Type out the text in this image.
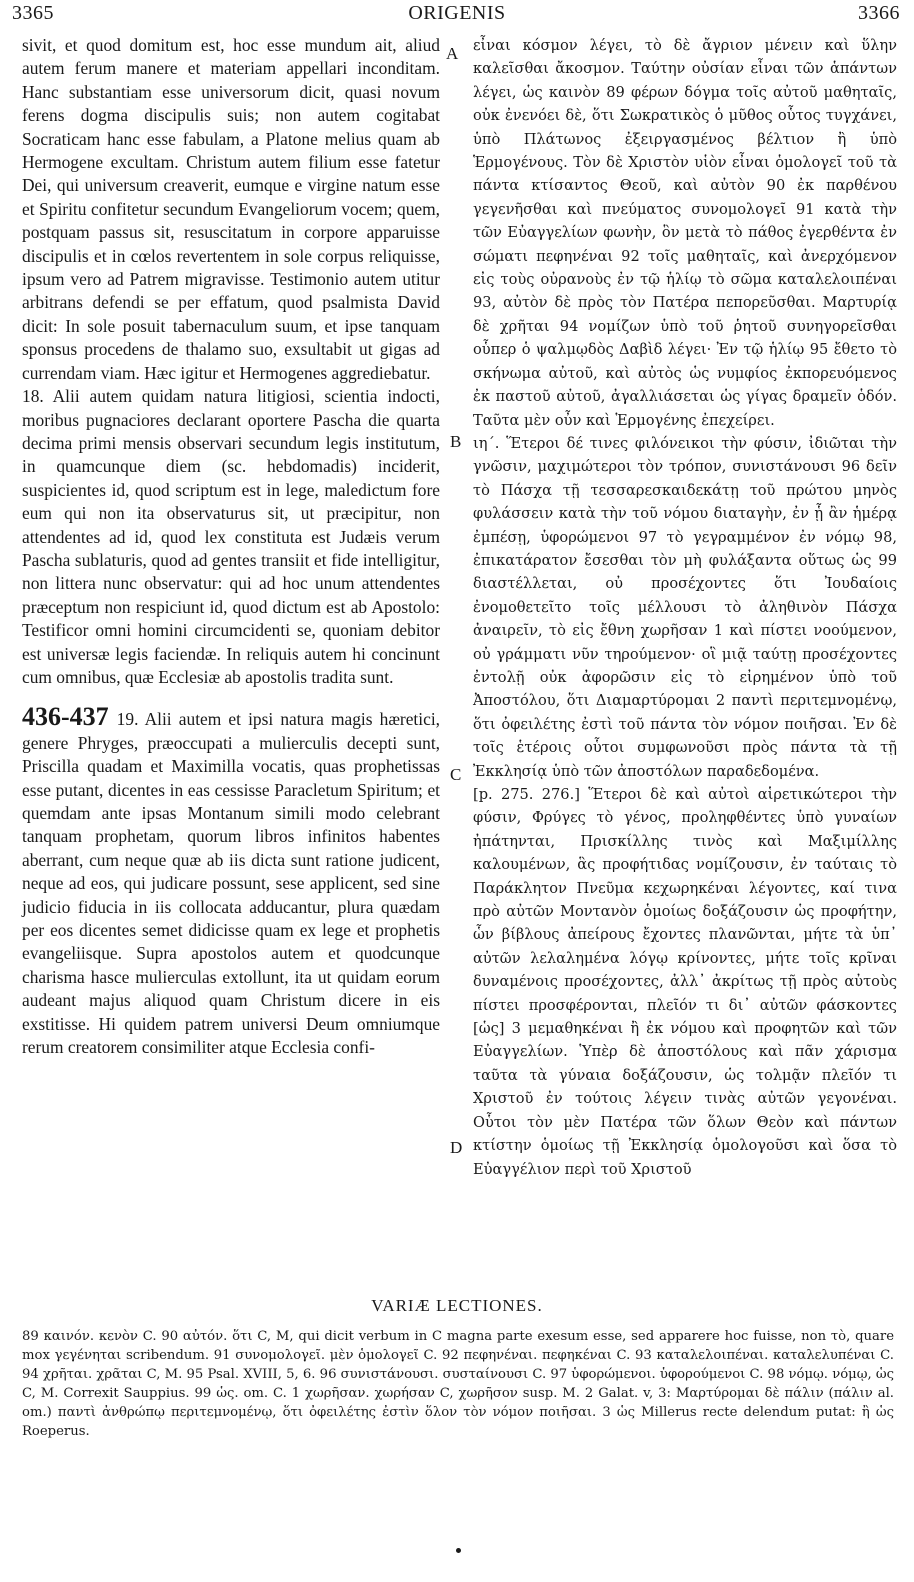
3365	ORIGENIS	3366

sivit, et quod domitum est, hoc esse mundum ait, aliud autem ferum manere et materiam appellari inconditam. Hanc substantiam esse universorum dicit, quasi novum ferens dogma discipulis suis; non autem cogitabat Socraticam hanc esse fabulam, a Platone melius quam ab Hermogene excultam. Christum autem filium esse fatetur Dei, qui universum creaverit, eumque e virgine natum esse et Spiritu confitetur secundum Evangeliorum vocem; quem, postquam passus sit, resuscitatum in corpore apparuisse discipulis et in cœlos revertentem in sole corpus reliquisse, ipsum vero ad Patrem migravisse. Testimonio autem utitur arbitrans defendi se per effatum, quod psalmista David dicit: In sole posuit tabernaculum suum, et ipse tanquam sponsus procedens de thalamo suo, exsultabit ut gigas ad currendam viam. Hæc igitur et Hermogenes aggrediebatur.

18. Alii autem quidam natura litigiosi, scientia indocti, moribus pugnaciores declarant oportere Pascha die quarta decima primi mensis observari secundum legis institutum, in quamcunque diem (sc. hebdomadis) inciderit, suspicientes id, quod scriptum est in lege, maledictum fore eum qui non ita observaturus sit, ut præcipitur, non attendentes ad id, quod lex constituta est Judæis verum Pascha sublaturis, quod ad gentes transiit et fide intelligitur, non littera nunc observatur: qui ad hoc unum attendentes præceptum non respiciunt id, quod dictum est ab Apostolo: Testificor omni homini circumcidenti se, quoniam debitor est universæ legis faciendæ. In reliquis autem hi concinunt cum omnibus, quæ Ecclesiæ ab apostolis tradita sunt.

436-437 19. Alii autem et ipsi natura magis hæretici, genere Phryges, præoccupati a mulierculis decepti sunt, Priscilla quadam et Maximilla vocatis, quas prophetissas esse putant, dicentes in eas cessisse Paracletum Spiritum; et quemdam ante ipsas Montanum simili modo celebrant tanquam prophetam, quorum libros infinitos habentes aberrant, cum neque quæ ab iis dicta sunt ratione judicent, neque ad eos, qui judicare possunt, sese applicent, sed sine judicio fiducia in iis collocata adducantur, plura quædam per eos dicentes semet didicisse quam ex lege et prophetis evangeliisque. Supra apostolos autem et quodcunque charisma hasce mulierculas extollunt, ita ut quidam eorum audeant majus aliquod quam Christum dicere in eis exstitisse. Hi quidem patrem universi Deum omniumque rerum creatorem consimiliter atque Ecclesia confi-

A
B
C
D

εἶναι κόσμον λέγει, τὸ δὲ ἄγριον μένειν καὶ ὕλην καλεῖσθαι ἄκοσμον. Ταύτην οὐσίαν εἶναι τῶν ἁπάντων λέγει, ὡς καινὸν 89 φέρων δόγμα τοῖς αὐτοῦ μαθηταῖς, οὐκ ἐνενόει δὲ, ὅτι Σωκρατικὸς ὁ μῦθος οὗτος τυγχάνει, ὑπὸ Πλάτωνος ἐξειργασμένος βέλτιον ἢ ὑπὸ Ἑρμογένους. Τὸν δὲ Χριστὸν υἱὸν εἶναι ὁμολογεῖ τοῦ τὰ πάντα κτίσαντος Θεοῦ, καὶ αὐτὸν 90 ἐκ παρθένου γεγενῆσθαι καὶ πνεύματος συνομολογεῖ 91 κατὰ τὴν τῶν Εὐαγγελίων φωνὴν, ὃν μετὰ τὸ πάθος ἐγερθέντα ἐν σώματι πεφηνέναι 92 τοῖς μαθηταῖς, καὶ ἀνερχόμενον εἰς τοὺς οὐρανοὺς ἐν τῷ ἡλίῳ τὸ σῶμα καταλελοιπέναι 93, αὐτὸν δὲ πρὸς τὸν Πατέρα πεπορεῦσθαι. Μαρτυρίᾳ δὲ χρῆται 94 νομίζων ὑπὸ τοῦ ῥητοῦ συνηγορεῖσθαι οὗπερ ὁ ψαλμῳδὸς Δαβὶδ λέγει· Ἐν τῷ ἡλίῳ 95 ἔθετο τὸ σκήνωμα αὐτοῦ, καὶ αὐτὸς ὡς νυμφίος ἐκπορευόμενος ἐκ παστοῦ αὐτοῦ, ἀγαλλιάσεται ὡς γίγας δραμεῖν ὁδόν. Ταῦτα μὲν οὖν καὶ Ἑρμογένης ἐπεχείρει.

ιη΄. Ἕτεροι δέ τινες φιλόνεικοι τὴν φύσιν, ἰδιῶται τὴν γνῶσιν, μαχιμώτεροι τὸν τρόπον, συνιστάνουσι 96 δεῖν τὸ Πάσχα τῇ τεσσαρεσκαιδεκάτῃ τοῦ πρώτου μηνὸς φυλάσσειν κατὰ τὴν τοῦ νόμου διαταγὴν, ἐν ᾗ ἂν ἡμέρᾳ ἐμπέσῃ, ὑφορώμενοι 97 τὸ γεγραμμένον ἐν νόμῳ 98, ἐπικατάρατον ἔσεσθαι τὸν μὴ φυλάξαντα οὕτως ὡς 99 διαστέλλεται, οὐ προσέχοντες ὅτι Ἰουδαίοις ἐνομοθετεῖτο τοῖς μέλλουσι τὸ ἀληθινὸν Πάσχα ἀναιρεῖν, τὸ εἰς ἔθνη χωρῆσαν 1 καὶ πίστει νοούμενον, οὐ γράμματι νῦν τηρούμενον· οἳ μιᾷ ταύτῃ προσέχοντες ἐντολῇ οὐκ ἀφορῶσιν εἰς τὸ εἰρημένον ὑπὸ τοῦ Ἀποστόλου, ὅτι Διαμαρτύρομαι 2 παντὶ περιτεμνομένῳ, ὅτι ὀφειλέτης ἐστὶ τοῦ πάντα τὸν νόμον ποιῆσαι. Ἐν δὲ τοῖς ἑτέροις οὗτοι συμφωνοῦσι πρὸς πάντα τὰ τῇ Ἐκκλησίᾳ ὑπὸ τῶν ἀποστόλων παραδεδομένα.

[p. 275. 276.] Ἕτεροι δὲ καὶ αὐτοὶ αἱρετικώτεροι τὴν φύσιν, Φρύγες τὸ γένος, προληφθέντες ὑπὸ γυναίων ἠπάτηνται, Πρισκίλλης τινὸς καὶ Μαξιμίλλης καλουμένων, ἃς προφήτιδας νομίζουσιν, ἐν ταύταις τὸ Παράκλητον Πνεῦμα κεχωρηκέναι λέγοντες, καί τινα πρὸ αὐτῶν Μοντανὸν ὁμοίως δοξάζουσιν ὡς προφήτην, ὧν βίβλους ἀπείρους ἔχοντες πλανῶνται, μήτε τὰ ὑπ᾽ αὐτῶν λελαλημένα λόγῳ κρίνοντες, μήτε τοῖς κρῖναι δυναμένοις προσέχοντες, ἀλλ᾽ ἀκρίτως τῇ πρὸς αὐτοὺς πίστει προσφέρονται, πλεῖόν τι δι᾽ αὐτῶν φάσκοντες [ὡς] 3 μεμαθηκέναι ἢ ἐκ νόμου καὶ προφητῶν καὶ τῶν Εὐαγγελίων. Ὑπὲρ δὲ ἀποστόλους καὶ πᾶν χάρισμα ταῦτα τὰ γύναια δοξάζουσιν, ὡς τολμᾷν πλεῖόν τι Χριστοῦ ἐν τούτοις λέγειν τινὰς αὐτῶν γεγονέναι. Οὗτοι τὸν μὲν Πατέρα τῶν ὅλων Θεὸν καὶ πάντων κτίστην ὁμοίως τῇ Ἐκκλησίᾳ ὁμολογοῦσι καὶ ὅσα τὸ Εὐαγγέλιον περὶ τοῦ Χριστοῦ

VARIÆ LECTIONES.
89 καινόν. κενὸν C. 90 αὐτόν. ὅτι C, M, qui dicit verbum in C magna parte exesum esse, sed apparere hoc fuisse, non τὸ, quare mox γεγένηται scribendum. 91 συνομολογεῖ. μὲν ὁμολογεῖ C. 92 πεφηνέναι. πεφηκέναι C. 93 καταλελοιπέναι. καταλελυπέναι C. 94 χρῆται. χρᾶται C, M. 95 Psal. XVIII, 5, 6. 96 συνιστάνουσι. συσταίνουσι C. 97 ὑφορώμενοι. ὑφορούμενοι C. 98 νόμῳ. νόμῳ, ὡς C, M. Correxit Sauppius. 99 ὡς. om. C. 1 χωρῆσαν. χωρήσαν C, χωρῆσον susp. M. 2 Galat. v, 3: Μαρτύρομαι δὲ πάλιν (πάλιν al. om.) παντὶ ἀνθρώπῳ περιτεμνομένῳ, ὅτι ὀφειλέτης ἐστὶν ὅλον τὸν νόμον ποιῆσαι. 3 ὡς Millerus recte delendum putat: ἢ ὡς Roeperus.
